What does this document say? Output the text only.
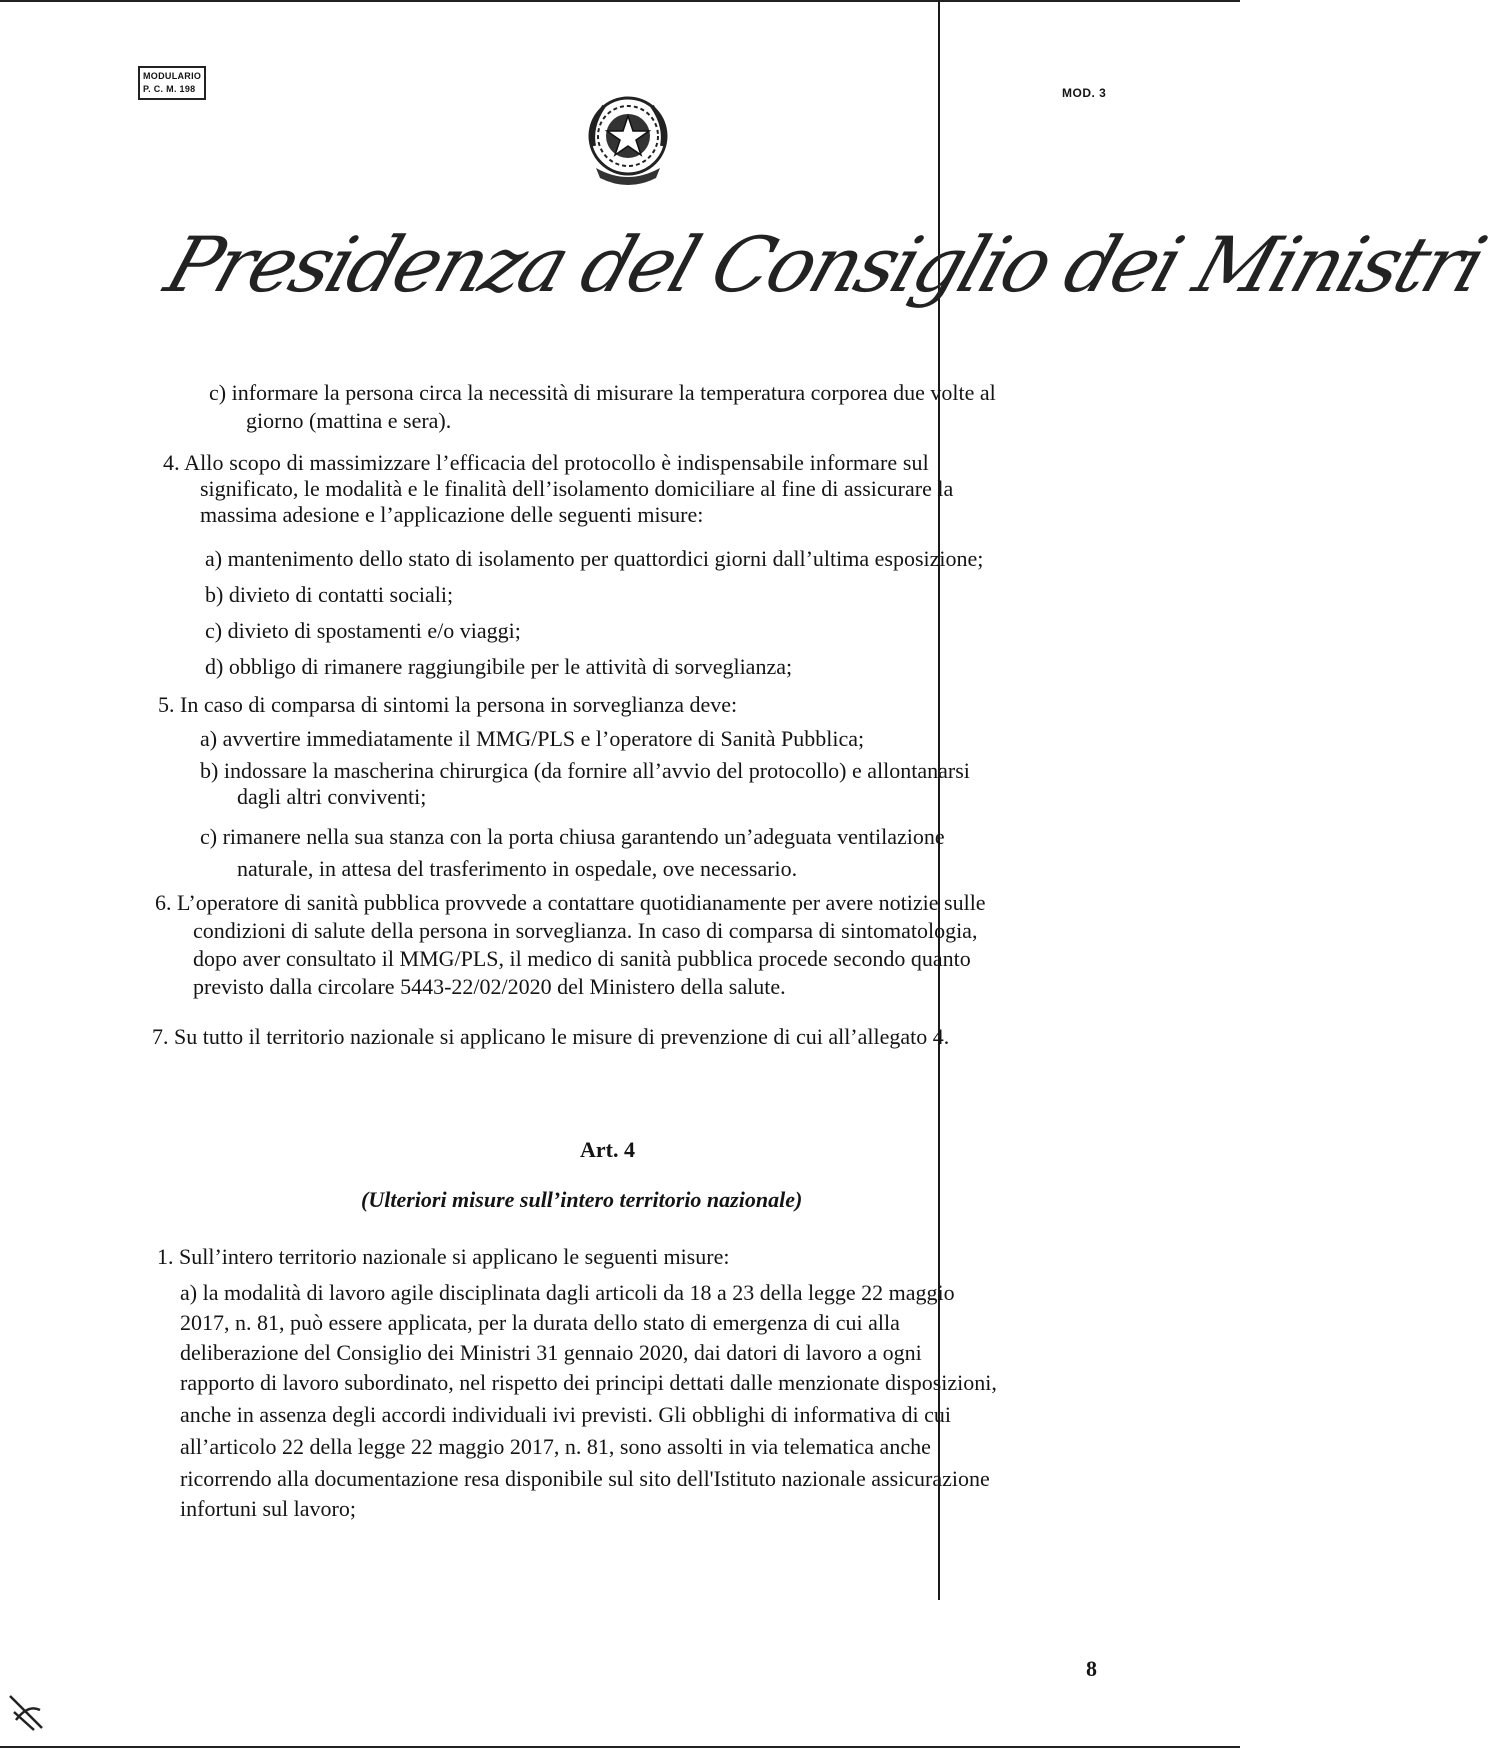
MODULARIO
P. C. M. 198	MOD. 3
Presidenza del Consiglio dei Ministri
c) informare la persona circa la necessità di misurare la temperatura corporea due volte al
giorno (mattina e sera).
4. Allo scopo di massimizzare l’efficacia del protocollo è indispensabile informare sul
significato, le modalità e le finalità dell’isolamento domiciliare al fine di assicurare la
massima adesione e l’applicazione delle seguenti misure:
a) mantenimento dello stato di isolamento per quattordici giorni dall’ultima esposizione;
b) divieto di contatti sociali;
c) divieto di spostamenti e/o viaggi;
d) obbligo di rimanere raggiungibile per le attività di sorveglianza;
5. In caso di comparsa di sintomi la persona in sorveglianza deve:
a) avvertire immediatamente il MMG/PLS e l’operatore di Sanità Pubblica;
b) indossare la mascherina chirurgica (da fornire all’avvio del protocollo) e allontanarsi
dagli altri conviventi;
c) rimanere nella sua stanza con la porta chiusa garantendo un’adeguata ventilazione
naturale, in attesa del trasferimento in ospedale, ove necessario.
6. L’operatore di sanità pubblica provvede a contattare quotidianamente per avere notizie sulle
condizioni di salute della persona in sorveglianza. In caso di comparsa di sintomatologia,
dopo aver consultato il MMG/PLS, il medico di sanità pubblica procede secondo quanto
previsto dalla circolare 5443-22/02/2020 del Ministero della salute.
7. Su tutto il territorio nazionale si applicano le misure di prevenzione di cui all’allegato 4.
Art. 4
(Ulteriori misure sull’intero territorio nazionale)
1. Sull’intero territorio nazionale si applicano le seguenti misure:
a) la modalità di lavoro agile disciplinata dagli articoli da 18 a 23 della legge 22 maggio
2017, n. 81, può essere applicata, per la durata dello stato di emergenza di cui alla
deliberazione del Consiglio dei Ministri 31 gennaio 2020, dai datori di lavoro a ogni
rapporto di lavoro subordinato, nel rispetto dei principi dettati dalle menzionate disposizioni,
anche in assenza degli accordi individuali ivi previsti. Gli obblighi di informativa di cui
all’articolo 22 della legge 22 maggio 2017, n. 81, sono assolti in via telematica anche
ricorrendo alla documentazione resa disponibile sul sito dell'Istituto nazionale assicurazione
infortuni sul lavoro;
8
